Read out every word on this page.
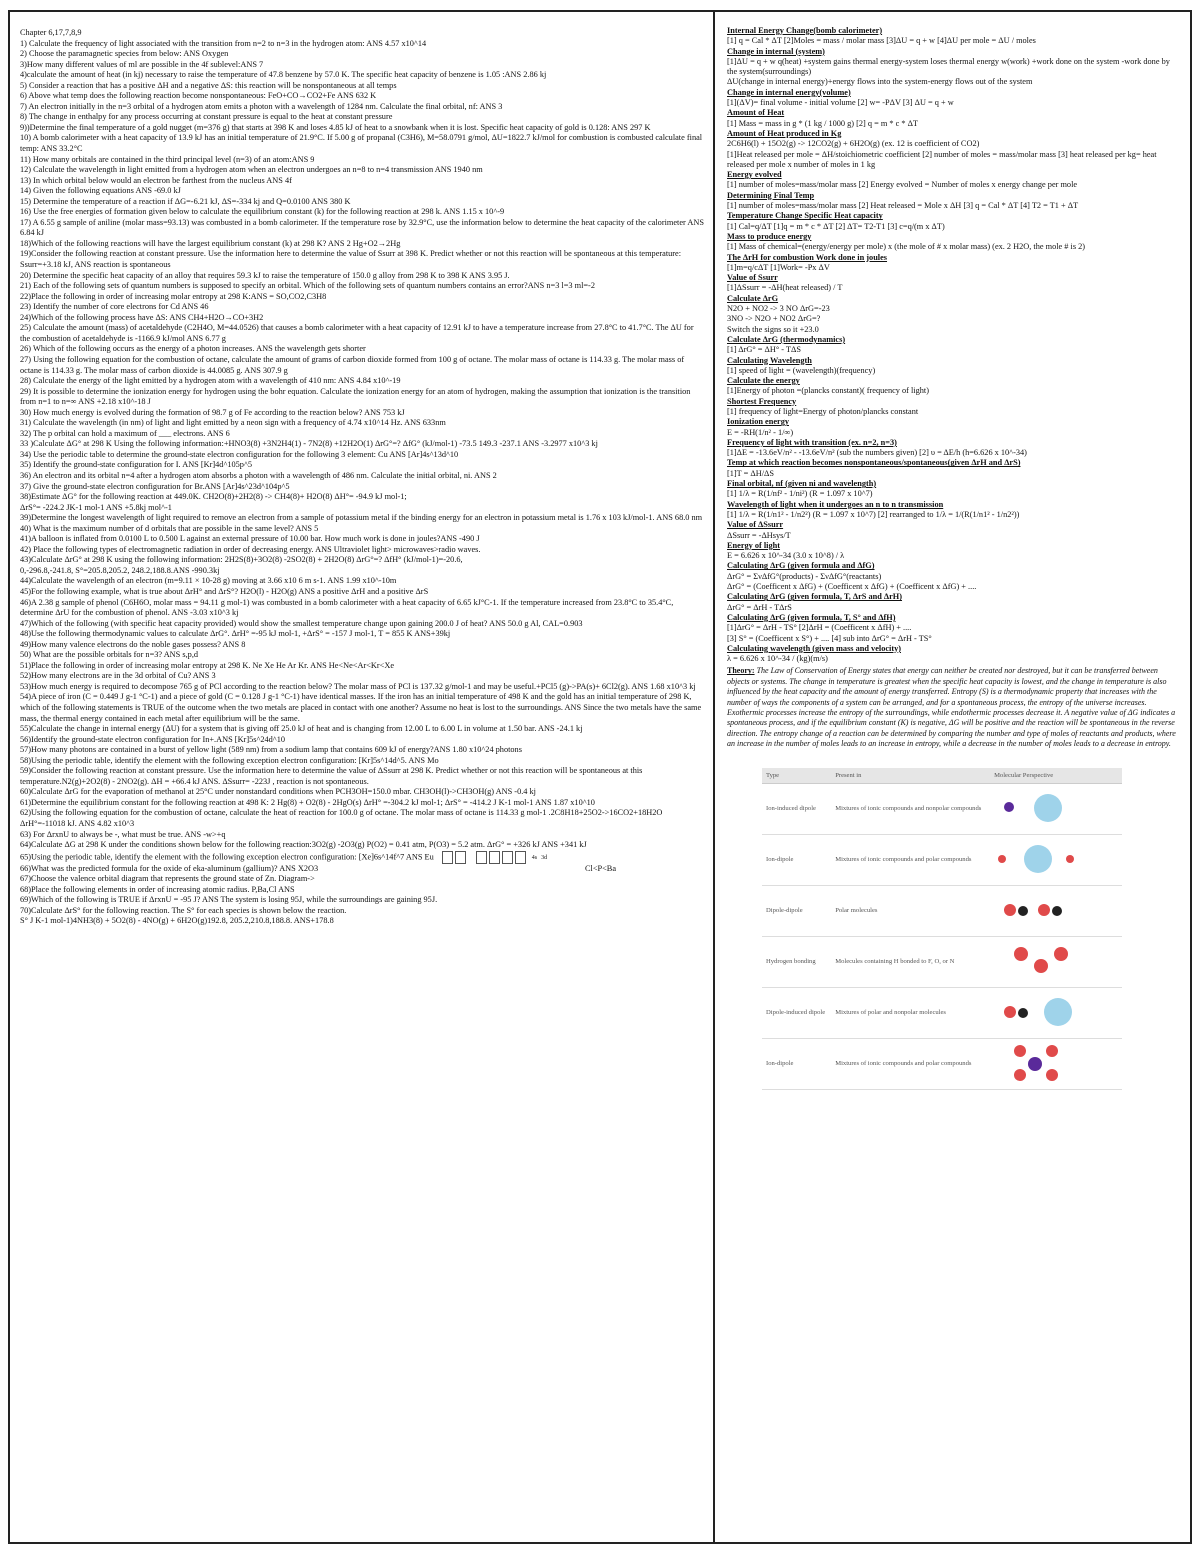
Chapter 6,17,7,8,9

1) Calculate the frequency of light associated with the transition from n=2 to n=3 in the hydrogen atom: ANS 4.57 x10^14

2) Choose the paramagnetic species from below: ANS Oxygen

3)How many different values of ml are possible in the 4f sublevel:ANS 7

4)calculate the amount of heat (in kj) necessary to raise the temperature of 47.8 benzene by 57.0 K. The specific heat capacity of benzene is 1.05 :ANS 2.86 kj

5) Consider a reaction that has a positive ΔH and a negative ΔS: this reaction will be nonspontaneous at all temps

6) Above what temp does the following reaction become nonspontaneous: FeO+CO→CO2+Fe ANS 632 K

7) An electron initially in the n=3 orbital of a hydrogen atom emits a photon with a wavelength of 1284 nm. Calculate the final orbital, nf: ANS 3

8) The change in enthalpy for any process occurring at constant pressure is equal to the heat at constant pressure

9))Determine the final temperature of a gold nugget (m=376 g) that starts at 398 K and loses 4.85 kJ of heat to a snowbank when it is lost. Specific heat capacity of gold is 0.128: ANS 297 K

10) A bomb calorimeter with a heat capacity of 13.9 kJ has an initial temperature of 21.9°C. If 5.00 g of propanal (C3H6), M=58.0791 g/mol, ΔU=1822.7 kJ/mol for combustion is combusted calculate final temp: ANS 33.2°C

11) How many orbitals are contained in the third principal level (n=3) of an atom:ANS 9

12) Calculate the wavelength in light emitted from a hydrogen atom when an electron undergoes an n=8 to n=4 transmission ANS 1940 nm

13) In which orbital below would an electron be farthest from the nucleus ANS 4f

14) Given the following equations ANS -69.0 kJ

15) Determine the temperature of a reaction if ΔG=-6.21 kJ, ΔS=-334 kj and Q=0.0100 ANS 380 K

16) Use the free energies of formation given below to calculate the equilibrium constant (k) for the following reaction at 298 k. ANS 1.15 x 10^-9

17) A 6.55 g sample of aniline (molar mass=93.13) was combusted in a bomb calorimeter. If the temperature rose by 32.9°C, use the information below to determine the heat capacity of the calorimeter ANS 6.84 kJ

18)Which of the following reactions will have the largest equilibrium constant (k) at 298 K? ANS 2 Hg+O2→2Hg

19)Consider the following reaction at constant pressure. Use the information here to determine the value of Ssurr at 398 K. Predict whether or not this reaction will be spontaneous at this temperature: Ssurr=+3.18 kJ, ANS reaction is spontaneous

20) Determine the specific heat capacity of an alloy that requires 59.3 kJ to raise the temperature of 150.0 g alloy from 298 K to 398 K ANS 3.95 J.

21) Each of the following sets of quantum numbers is supposed to specify an orbital. Which of the following sets of quantum numbers contains an error?ANS n=3 l=3 ml=-2

22)Place the following in order of increasing molar entropy at 298 K:ANS = SO,CO2,C3H8

23) Identify the number of core electrons for Cd ANS 46

24)Which of the following process have ΔS: ANS CH4+H2O→CO+3H2

25) Calculate the amount (mass) of acetaldehyde (C2H4O, M=44.0526) that causes a bomb calorimeter with a heat capacity of 12.91 kJ to have a temperature increase from 27.8°C to 41.7°C. The ΔU for the combustion of acetaldehyde is -1166.9 kJ/mol ANS 6.77 g

26) Which of the following occurs as the energy of a photon increases. ANS the wavelength gets shorter

27) Using the following equation for the combustion of octane, calculate the amount of grams of carbon dioxide formed from 100 g of octane. The molar mass of octane is 114.33 g. The molar mass of octane is 114.33 g. The molar mass of carbon dioxide is 44.0085 g. ANS 307.9 g

28) Calculate the energy of the light emitted by a hydrogen atom with a wavelength of 410 nm: ANS 4.84 x10^-19

29) It is possible to determine the ionization energy for hydrogen using the bohr equation. Calculate the ionization energy for an atom of hydrogen, making the assumption that ionization is the transition from n=1 to n=∞ ANS +2.18 x10^-18 J

30) How much energy is evolved during the formation of 98.7 g of Fe according to the reaction below? ANS 753 kJ

31) Calculate the wavelength (in nm) of light and light emitted by a neon sign with a frequency of 4.74 x10^14 Hz. ANS 633nm

32) The p orbital can hold a maximum of ___ electrons. ANS 6

33 )Calculate ΔG° at 298 K Using the following information:+HNO3(8) +3N2H4(1) - 7N2(8) +12H2O(1) ΔrG°=? ΔfG° (kJ/mol-1) -73.5 149.3 -237.1 ANS -3.2977 x10^3 kj

34) Use the periodic table to determine the ground-state electron configuration for the following 3 element: Cu ANS [Ar]4s^13d^10

35) Identify the ground-state configuration for I. ANS [Kr]4d^105p^5

36) An electron and its orbital n=4 after a hydrogen atom absorbs a photon with a wavelength of 486 nm. Calculate the initial orbital, ni. ANS 2

37) Give the ground-state electron configuration for Br.ANS [Ar]4s^23d^104p^5

38)Estimate ΔG° for the following reaction at 449.0K. CH2O(8)+2H2(8) -> CH4(8)+ H2O(8) ΔH°= -94.9 kJ mol-1;

ΔrS°= -224.2 JK-1 mol-1 ANS +5.8kj mol^-1

39)Determine the longest wavelength of light required to remove an electron from a sample of potassium metal if the binding energy for an electron in potassium metal is 1.76 x 103 kJ/mol-1. ANS 68.0 nm

40) What is the maximum number of d orbitals that are possible in the same level? ANS 5

41)A balloon is inflated from 0.0100 L to 0.500 L against an external pressure of 10.00 bar. How much work is done in joules?ANS -490 J

42) Place the following types of electromagnetic radiation in order of decreasing energy. ANS Ultraviolet light> microwaves>radio waves.

43)Calculate ΔrG° at 298 K using the following information: 2H2S(8)+3O2(8) -2SO2(8) + 2H2O(8) ΔrG°=? ΔfH° (kJ/mol-1)=-20.6,

0,-296.8,-241.8, S°=205.8,205.2, 248.2,188.8.ANS -990.3kj

44)Calculate the wavelength of an electron (m=9.11 × 10-28 g) moving at 3.66 x10 6 m s-1. ANS 1.99 x10^-10m

45)For the following example, what is true about ΔrH° and ΔrS°? H2O(l) - H2O(g) ANS a positive ΔrH and a positive ΔrS

46)A 2.38 g sample of phenol (C6H6O, molar mass = 94.11 g mol-1) was combusted in a bomb calorimeter with a heat capacity of 6.65 kJ°C-1. If the temperature increased from 23.8°C to 35.4°C, determine ΔrU for the combustion of phenol. ANS -3.03 x10^3 kj

47)Which of the following (with specific heat capacity provided) would show the smallest temperature change upon gaining 200.0 J of heat? ANS 50.0 g Al, CAL=0.903

48)Use the following thermodynamic values to calculate ΔrG°. ΔrH° =-95 kJ mol-1, +ΔrS° = -157 J mol-1, T = 855 K ANS+39kj

49)How many valence electrons do the noble gases possess? ANS 8

50) What are the possible orbitals for n=3? ANS s,p,d

51)Place the following in order of increasing molar entropy at 298 K. Ne Xe He Ar Kr. ANS He<Ne<Ar<Kr<Xe

52)How many electrons are in the 3d orbital of Cu? ANS 3

53)How much energy is required to decompose 765 g of PCl according to the reaction below? The molar mass of PCl is 137.32 g/mol-1 and may be useful.+PCl5 (g)->PA(s)+ 6Cl2(g). ANS 1.68 x10^3 kj

54)A piece of iron (C = 0.449 J g-1 °C-1) and a piece of gold (C = 0.128 J g-1 °C-1) have identical masses. If the iron has an initial temperature of 498 K and the gold has an initial temperature of 298 K, which of the following statements is TRUE of the outcome when the two metals are placed in contact with one another? Assume no heat is lost to the surroundings. ANS Since the two metals have the same mass, the thermal energy contained in each metal after equilibrium will be the same.

55)Calculate the change in internal energy (ΔU) for a system that is giving off 25.0 kJ of heat and is changing from 12.00 L to 6.00 L in volume at 1.50 bar. ANS -24.1 kj

56)Identify the ground-state electron configuration for In+.ANS [Kr]5s^24d^10

57)How many photons are contained in a burst of yellow light (589 nm) from a sodium lamp that contains 609 kJ of energy?ANS 1.80 x10^24 photons

58)Using the periodic table, identify the element with the following exception electron configuration: [Kr]5s^14d^5. ANS Mo

59)Consider the following reaction at constant pressure. Use the information here to determine the value of ΔSsurr at 298 K. Predict whether or not this reaction will be spontaneous at this temperature.N2(g)+2O2(8) - 2NO2(g). ΔH = +66.4 kJ ANS. ΔSsurr= -223J , reaction is not spontaneous.

60)Calculate ΔrG for the evaporation of methanol at 25°C under nonstandard conditions when PCH3OH=150.0 mbar. CH3OH(l)->CH3OH(g) ANS -0.4 kj

61)Determine the equilibrium constant for the following reaction at 498 K: 2 Hg(8) + O2(8) - 2HgO(s) ΔrH° =-304.2 kJ mol-1; ΔrS° = -414.2 J K-1 mol-1 ANS 1.87 x10^10

62)Using the following equation for the combustion of octane, calculate the heat of reaction for 100.0 g of octane. The molar mass of octane is 114.33 g mol-1 .2C8H18+25O2->16CO2+18H2O ΔrH°=-11018 kJ. ANS 4.82 x10^3

63) For ΔrxnU to always be -, what must be true. ANS -w>+q

64)Calculate ΔG at 298 K under the conditions shown below for the following reaction:3O2(g) -2O3(g) P(O2) = 0.41 atm, P(O3) = 5.2 atm. ΔrG° = +326 kJ ANS +341 kJ

65)Using the periodic table, identify the element with the following exception electron configuration: [Xe]6s^14f^7 ANS Eu	4s 3d

66)What was the predicted formula for the oxide of eka-aluminum (gallium)? ANS X2O3	Cl<P<Ba

67)Choose the valence orbital diagram that represents the ground state of Zn. Diagram->

68)Place the following elements in order of increasing atomic radius. P,Ba,Cl ANS

69)Which of the following is TRUE if ΔrxnU = -95 J? ANS The system is losing 95J, while the surroundings are gaining 95J.

70)Calculate ΔrS° for the following reaction. The S° for each species is shown below the reaction.

S° J K-1 mol-1)4NH3(8) + 5O2(8) - 4NO(g) + 6H2O(g)192.8, 205.2,210.8,188.8. ANS+178.8

Internal Energy Change(bomb calorimeter)

[1] q = Cal * ΔT [2]Moles = mass / molar mass [3]ΔU = q + w [4]ΔU per mole = ΔU / moles

Change in internal (system)

[1]ΔU = q + w q(heat) +system gains thermal energy-system loses thermal energy w(work) +work done on the system -work done by the system(surroundings)

ΔU(change in internal energy)+energy flows into the system-energy flows out of the system

Change in internal energy(volume)

[1](ΔV)= final volume - initial volume [2] w= -PΔV [3] ΔU = q + w

Amount of Heat

[1] Mass = mass in g * (1 kg / 1000 g) [2] q = m * c * ΔT

Amount of Heat produced in Kg

2C6H6(l) + 15O2(g) -> 12CO2(g) + 6H2O(g) (ex. 12 is coefficient of CO2)

[1]Heat released per mole = ΔH/stoichiometric coefficient [2] number of moles = mass/molar mass [3] heat released per kg= heat released per mole x number of moles in 1 kg

Energy evolved

[1] number of moles=mass/molar mass [2] Energy evolved = Number of moles x energy change per mole

Determining Final Temp

[1] number of moles=mass/molar mass [2] Heat released = Mole x ΔH [3] q = Cal * ΔT [4] T2 = T1 + ΔT

Temperature Change Specific Heat capacity

[1] Cal=q/ΔT [1]q = m * c * ΔT [2] ΔT= T2-T1 [3] c=q/(m x ΔT)

Mass to produce energy

[1] Mass of chemical=(energy/energy per mole) x (the mole of # x molar mass) (ex. 2 H2O, the mole # is 2)

The ΔrH for combustion Work done in joules

[1]m=q/cΔT [1]Work= -Px ΔV

Value of Ssurr

[1]ΔSsurr = -ΔH(heat released) / T

Calculate ΔrG

N2O + NO2 -> 3 NO ΔrG=-23

3NO -> N2O + NO2 ΔrG=?

Switch the signs so it +23.0

Calculate ΔrG (thermodynamics)

[1] ΔrG° = ΔH° - TΔS

Calculating Wavelength

[1] speed of light = (wavelength)(frequency)

Calculate the energy

[1]Energy of photon =(plancks constant)( frequency of light)

Shortest Frequency

[1] frequency of light=Energy of photon/plancks constant

Ionization energy

E = -RH(1/n² - 1/∞)

Frequency of light with transition (ex. n=2, n=3)

[1]ΔE = -13.6eV/n² - -13.6eV/n² (sub the numbers given) [2] υ = ΔE/h (h=6.626 x 10^-34)

Temp at which reaction becomes nonspontaneous/spontaneous(given ΔrH and ΔrS)

[1]T = ΔH/ΔS

Final orbital, nf (given ni and wavelength)

[1] 1/λ = R(1/nf² - 1/ni²) (R = 1.097 x 10^7)

Wavelength of light when it undergoes an n to n transmission

[1] 1/λ = R(1/n1² - 1/n2²) (R = 1.097 x 10^7) [2] rearranged to 1/λ = 1/(R(1/n1² - 1/n2²))

Value of ΔSsurr

ΔSsurr = -ΔHsys/T

Energy of light

E = 6.626 x 10^-34 (3.0 x 10^8) / λ

Calculating ΔrG (given formula and ΔfG)

ΔrG° = ΣνΔfG°(products) - ΣνΔfG°(reactants)

ΔrG° = (Coefficent x ΔfG) + (Coefficent x ΔfG) + (Coefficent x ΔfG) + ....

Calculating ΔrG (given formula, T, ΔrS and ΔrH)

ΔrG° = ΔrH - TΔrS

Calculating ΔrG (given formula, T, S° and ΔfH)

[1]ΔrG° = ΔrH - TS° [2]ΔrH = (Coefficent x ΔfH) + ....

[3] S° = (Coefficent x S°) + .... [4] sub into ΔrG° = ΔrH - TS°

Calculating wavelength (given mass and velocity)

λ = 6.626 x 10^-34 / (kg)(m/s)

Theory: The Law of Conservation of Energy states that energy can neither be created nor destroyed, but it can be transferred between objects or systems. The change in temperature is greatest when the specific heat capacity is lowest, and the change in temperature is also influenced by the heat capacity and the amount of energy transferred. Entropy (S) is a thermodynamic property that increases with the number of ways the components of a system can be arranged, and for a spontaneous process, the entropy of the universe increases. Exothermic processes increase the entropy of the surroundings, while endothermic processes decrease it. A negative value of ΔG indicates a spontaneous process, and if the equilibrium constant (K) is negative, ΔG will be positive and the reaction will be spontaneous in the reverse direction. The entropy change of a reaction can be determined by comparing the number and type of moles of reactants and products, where an increase in the number of moles leads to an increase in entropy, while a decrease in the number of moles leads to a decrease in entropy.

Type	Present in	Molecular Perspective
Ion-induced dipole	Mixtures of ionic compounds and nonpolar compounds	

Ion-dipole	Mixtures of ionic compounds and polar compounds	

Dipole-dipole	Polar molecules	

Hydrogen bonding	Molecules containing H bonded to F, O, or N	

Dipole-induced dipole	Mixtures of polar and nonpolar molecules	

Ion-dipole	Mixtures of ionic compounds and polar compounds	
